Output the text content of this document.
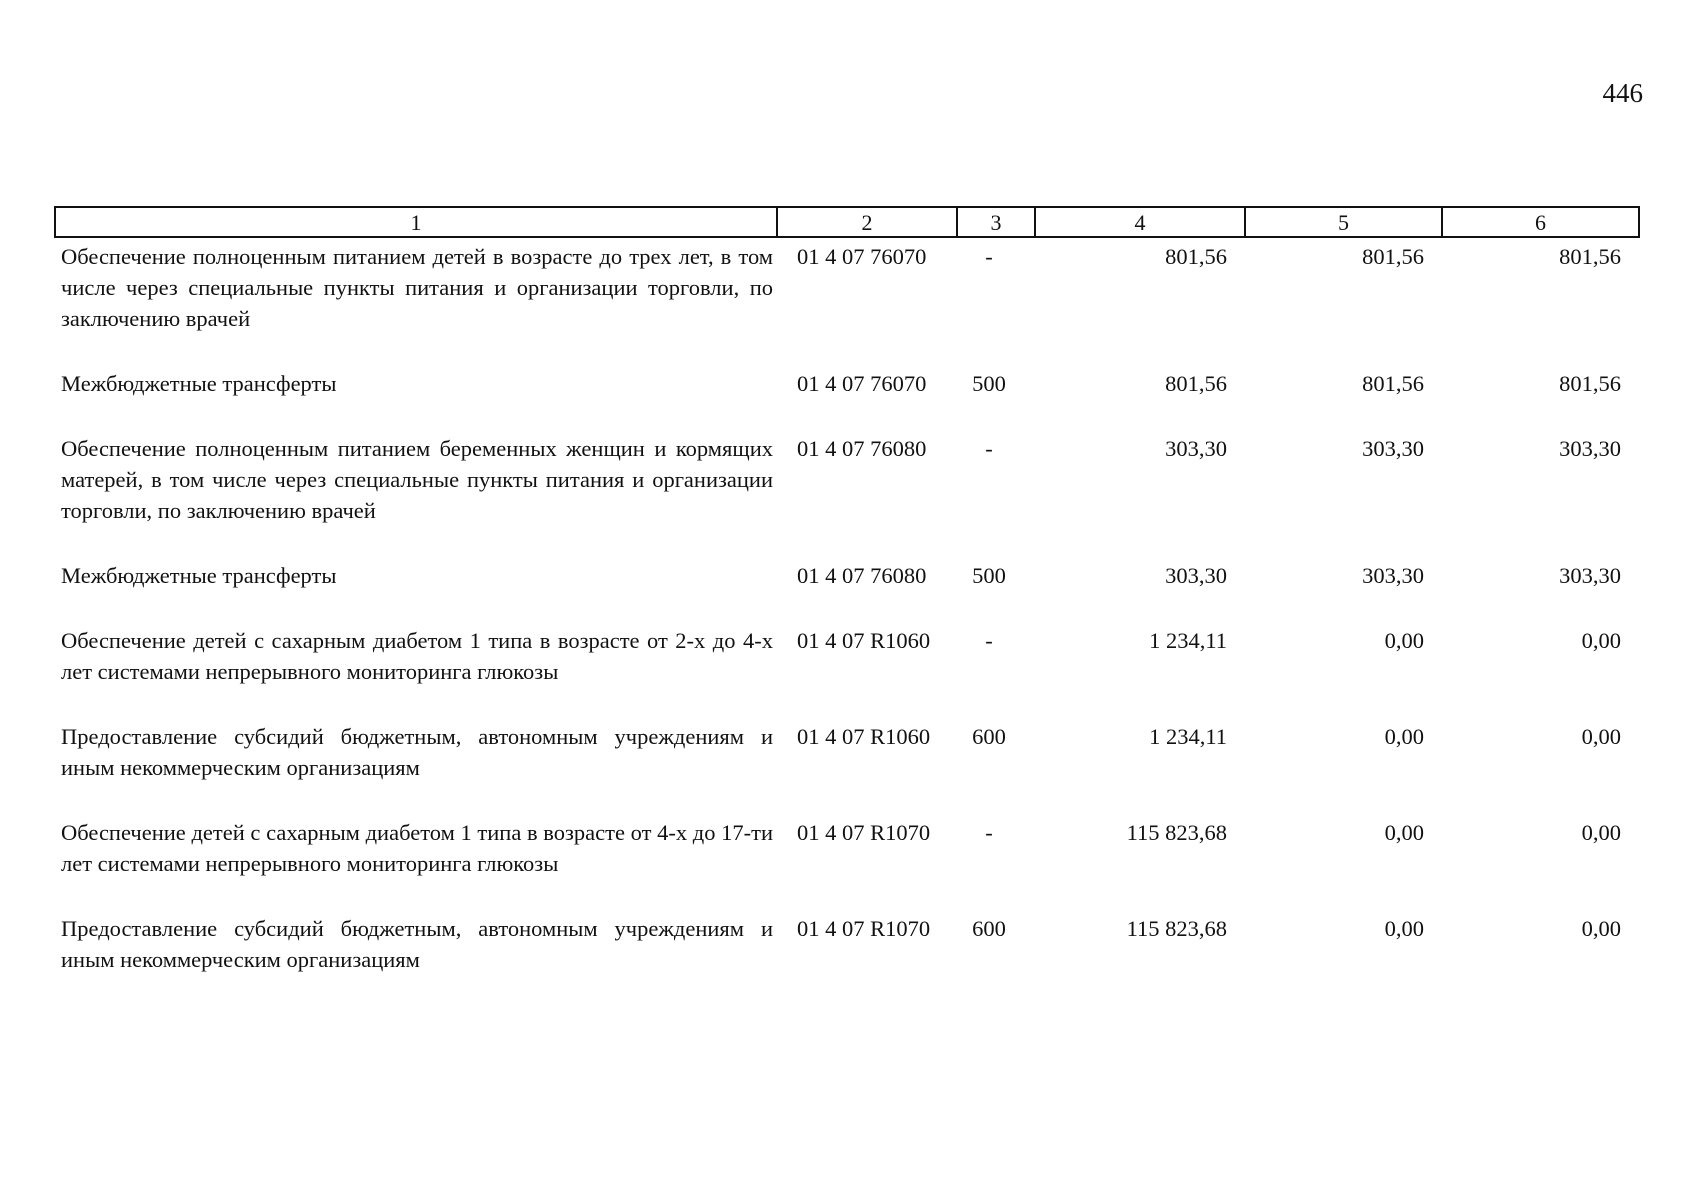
446
1	2	3	4	5	6
Обеспечение полноценным питанием детей в возрасте до трех лет, в том числе через специальные пункты питания и организации торговли, по заключению врачей	01 4 07 76070	-	801,56	801,56	801,56
Межбюджетные трансферты	01 4 07 76070	500	801,56	801,56	801,56
Обеспечение полноценным питанием беременных женщин и кормящих матерей, в том числе через специальные пункты питания и организации торговли, по заключению врачей	01 4 07 76080	-	303,30	303,30	303,30
Межбюджетные трансферты	01 4 07 76080	500	303,30	303,30	303,30
Обеспечение детей с сахарным диабетом 1 типа в возрасте от 2-х до 4-х лет системами непрерывного мониторинга глюкозы	01 4 07 R1060	-	1 234,11	0,00	0,00
Предоставление субсидий бюджетным, автономным учреждениям и иным некоммерческим организациям	01 4 07 R1060	600	1 234,11	0,00	0,00
Обеспечение детей с сахарным диабетом 1 типа в возрасте от 4-х до 17-ти лет системами непрерывного мониторинга глюкозы	01 4 07 R1070	-	115 823,68	0,00	0,00
Предоставление субсидий бюджетным, автономным учреждениям и иным некоммерческим организациям	01 4 07 R1070	600	115 823,68	0,00	0,00
